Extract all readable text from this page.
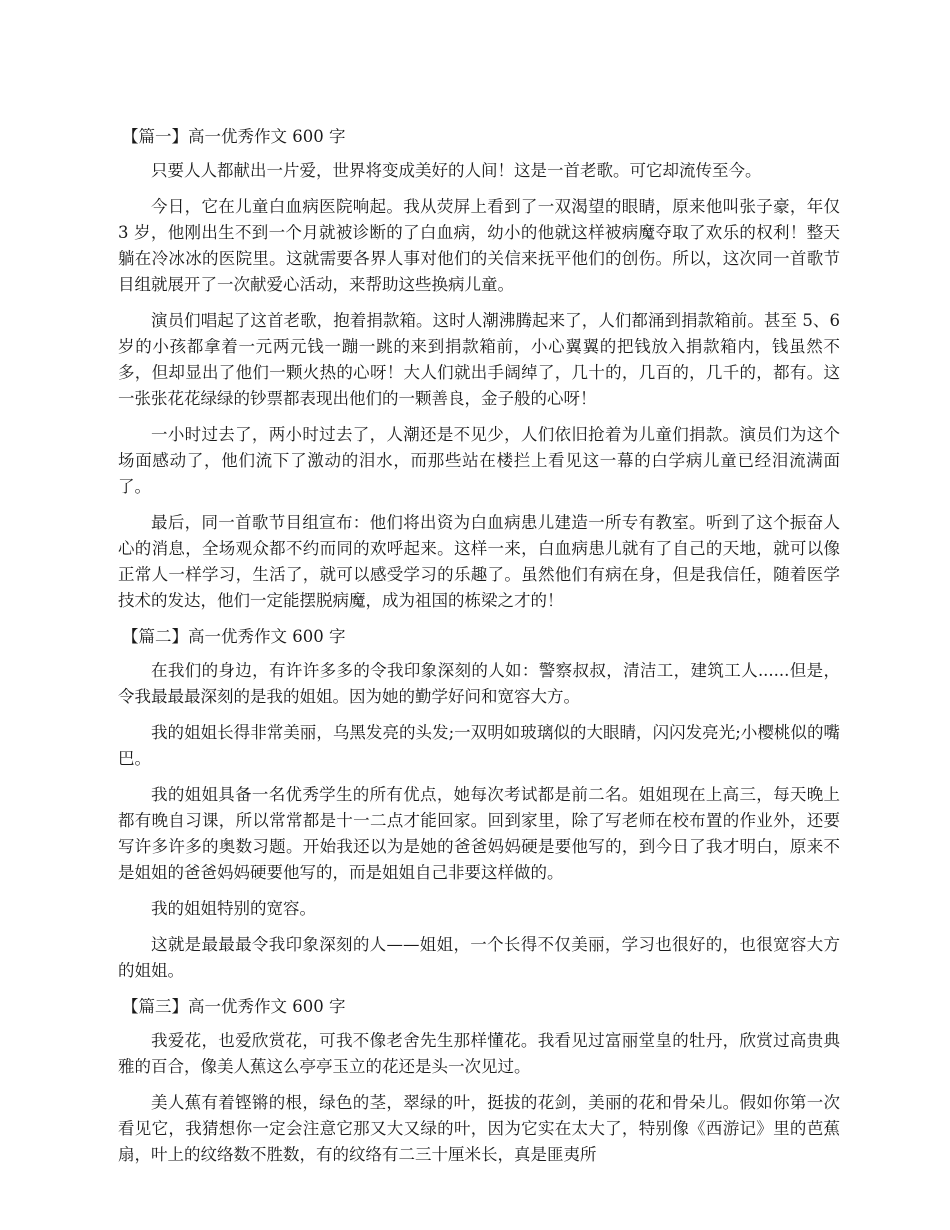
【篇一】高一优秀作文 600 字

只要人人都献出一片爱，世界将变成美好的人间！这是一首老歌。可它却流传至今。

今日，它在儿童白血病医院响起。我从荧屏上看到了一双渴望的眼睛，原来他叫张子豪，年仅 3 岁，他刚出生不到一个月就被诊断的了白血病，幼小的他就这样被病魔夺取了欢乐的权利！整天躺在冷冰冰的医院里。这就需要各界人事对他们的关信来抚平他们的创伤。所以，这次同一首歌节目组就展开了一次献爱心活动，来帮助这些换病儿童。

演员们唱起了这首老歌，抱着捐款箱。这时人潮沸腾起来了，人们都涌到捐款箱前。甚至 5、6 岁的小孩都拿着一元两元钱一蹦一跳的来到捐款箱前，小心翼翼的把钱放入捐款箱内，钱虽然不多，但却显出了他们一颗火热的心呀！大人们就出手阔绰了，几十的，几百的，几千的，都有。这一张张花花绿绿的钞票都表现出他们的一颗善良，金子般的心呀！

一小时过去了，两小时过去了，人潮还是不见少，人们依旧抢着为儿童们捐款。演员们为这个场面感动了，他们流下了激动的泪水，而那些站在楼拦上看见这一幕的白学病儿童已经泪流满面了。

最后，同一首歌节目组宣布：他们将出资为白血病患儿建造一所专有教室。听到了这个振奋人心的消息，全场观众都不约而同的欢呼起来。这样一来，白血病患儿就有了自己的天地，就可以像正常人一样学习，生活了，就可以感受学习的乐趣了。虽然他们有病在身，但是我信任，随着医学技术的发达，他们一定能摆脱病魔，成为祖国的栋梁之才的！

【篇二】高一优秀作文 600 字

在我们的身边，有许许多多的令我印象深刻的人如：警察叔叔，清洁工，建筑工人......但是，令我最最最深刻的是我的姐姐。因为她的勤学好问和宽容大方。

我的姐姐长得非常美丽，乌黑发亮的头发;一双明如玻璃似的大眼睛，闪闪发亮光;小樱桃似的嘴巴。

我的姐姐具备一名优秀学生的所有优点，她每次考试都是前二名。姐姐现在上高三，每天晚上都有晚自习课，所以常常都是十一二点才能回家。回到家里，除了写老师在校布置的作业外，还要写许多许多的奥数习题。开始我还以为是她的爸爸妈妈硬是要他写的，到今日了我才明白，原来不是姐姐的爸爸妈妈硬要他写的，而是姐姐自己非要这样做的。

我的姐姐特别的宽容。

这就是最最最令我印象深刻的人——姐姐，一个长得不仅美丽，学习也很好的，也很宽容大方的姐姐。

【篇三】高一优秀作文 600 字

我爱花，也爱欣赏花，可我不像老舍先生那样懂花。我看见过富丽堂皇的牡丹，欣赏过高贵典雅的百合，像美人蕉这么亭亭玉立的花还是头一次见过。

美人蕉有着铿锵的根，绿色的茎，翠绿的叶，挺拔的花剑，美丽的花和骨朵儿。假如你第一次看见它，我猜想你一定会注意它那又大又绿的叶，因为它实在太大了，特别像《西游记》里的芭蕉扇，叶上的纹络数不胜数，有的纹络有二三十厘米长，真是匪夷所
